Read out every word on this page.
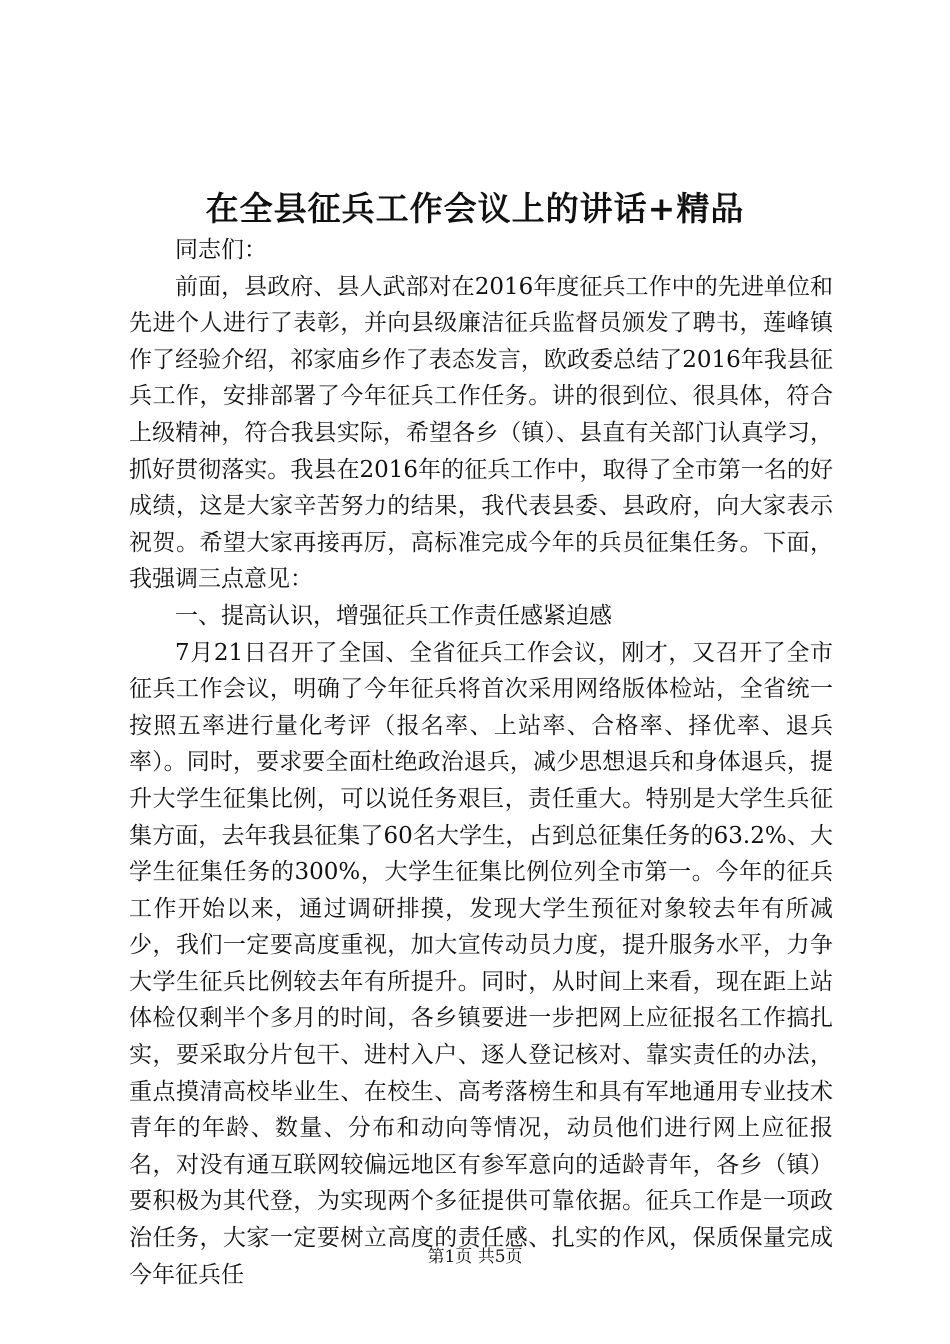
在全县征兵工作会议上的讲话+精品

同志们：

前面，县政府、县人武部对在2016年度征兵工作中的先进单位和先进个人进行了表彰，并向县级廉洁征兵监督员颁发了聘书，莲峰镇作了经验介绍，祁家庙乡作了表态发言，欧政委总结了2016年我县征兵工作，安排部署了今年征兵工作任务。讲的很到位、很具体，符合上级精神，符合我县实际，希望各乡（镇）、县直有关部门认真学习，抓好贯彻落实。我县在2016年的征兵工作中，取得了全市第一名的好成绩，这是大家辛苦努力的结果，我代表县委、县政府，向大家表示祝贺。希望大家再接再厉，高标准完成今年的兵员征集任务。下面，我强调三点意见：

一、提高认识，增强征兵工作责任感紧迫感

7月21日召开了全国、全省征兵工作会议，刚才，又召开了全市征兵工作会议，明确了今年征兵将首次采用网络版体检站，全省统一按照五率进行量化考评（报名率、上站率、合格率、择优率、退兵率）。同时，要求要全面杜绝政治退兵，减少思想退兵和身体退兵，提升大学生征集比例，可以说任务艰巨，责任重大。特别是大学生兵征集方面，去年我县征集了60名大学生，占到总征集任务的63.2%、大学生征集任务的300%，大学生征集比例位列全市第一。今年的征兵工作开始以来，通过调研排摸，发现大学生预征对象较去年有所减少，我们一定要高度重视，加大宣传动员力度，提升服务水平，力争大学生征兵比例较去年有所提升。同时，从时间上来看，现在距上站体检仅剩半个多月的时间，各乡镇要进一步把网上应征报名工作搞扎实，要采取分片包干、进村入户、逐人登记核对、靠实责任的办法，重点摸清高校毕业生、在校生、高考落榜生和具有军地通用专业技术青年的年龄、数量、分布和动向等情况，动员他们进行网上应征报名，对没有通互联网较偏远地区有参军意向的适龄青年，各乡（镇）要积极为其代登，为实现两个多征提供可靠依据。征兵工作是一项政治任务，大家一定要树立高度的责任感、扎实的作风，保质保量完成今年征兵任

第1页 共5页
